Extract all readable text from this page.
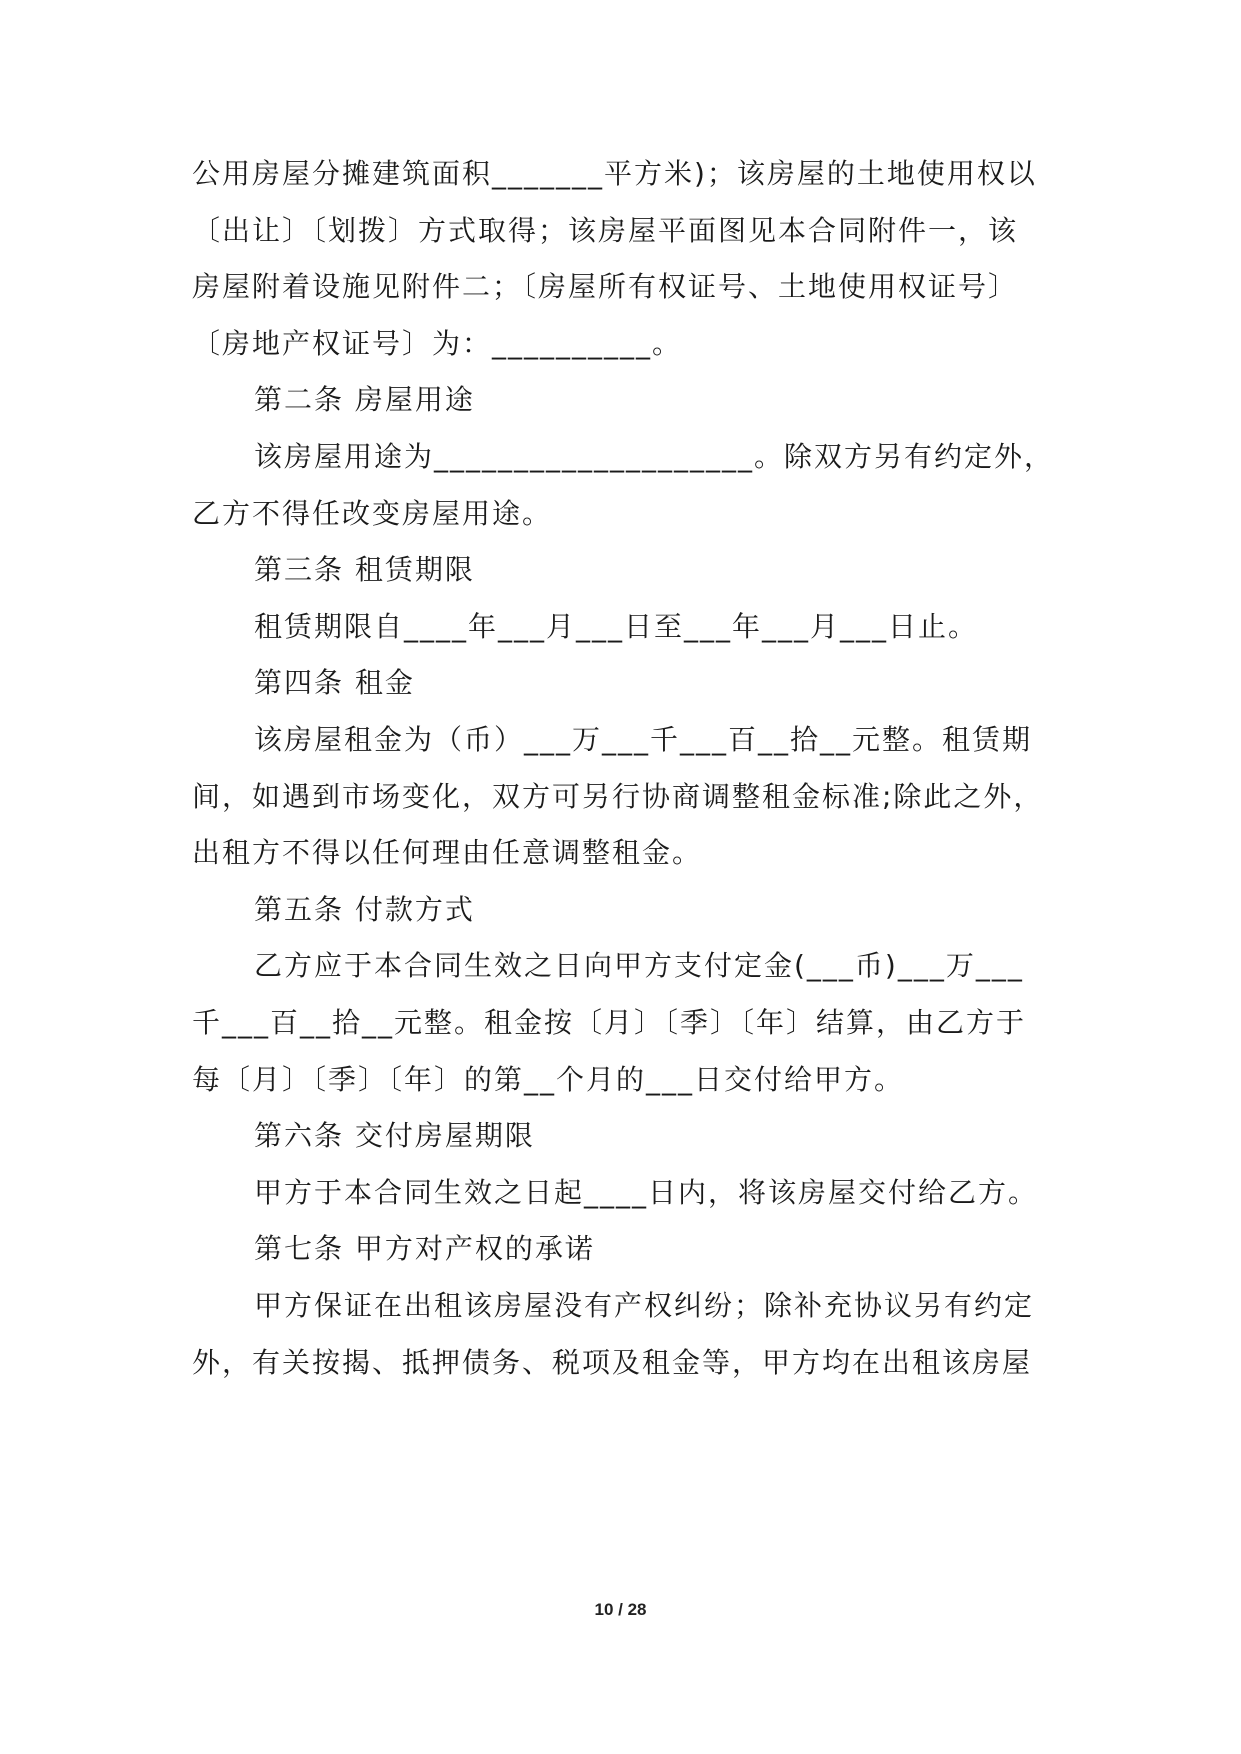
公用房屋分摊建筑面积_______平方米)；该房屋的土地使用权以
〔出让〕〔划拨〕方式取得；该房屋平面图见本合同附件一，该
房屋附着设施见附件二；〔房屋所有权证号、土地使用权证号〕
〔房地产权证号〕为：__________。
第二条 房屋用途
该房屋用途为____________________。除双方另有约定外，
乙方不得任改变房屋用途。
第三条 租赁期限
租赁期限自____年___月___日至___年___月___日止。
第四条 租金
该房屋租金为（币）___万___千___百__拾__元整。租赁期
间，如遇到市场变化，双方可另行协商调整租金标准;除此之外，
出租方不得以任何理由任意调整租金。
第五条 付款方式
乙方应于本合同生效之日向甲方支付定金(___币)___万___
千___百__拾__元整。租金按〔月〕〔季〕〔年〕结算，由乙方于
每〔月〕〔季〕〔年〕的第__个月的___日交付给甲方。
第六条 交付房屋期限
甲方于本合同生效之日起____日内，将该房屋交付给乙方。
第七条 甲方对产权的承诺
甲方保证在出租该房屋没有产权纠纷；除补充协议另有约定
外，有关按揭、抵押债务、税项及租金等，甲方均在出租该房屋
10 / 28
